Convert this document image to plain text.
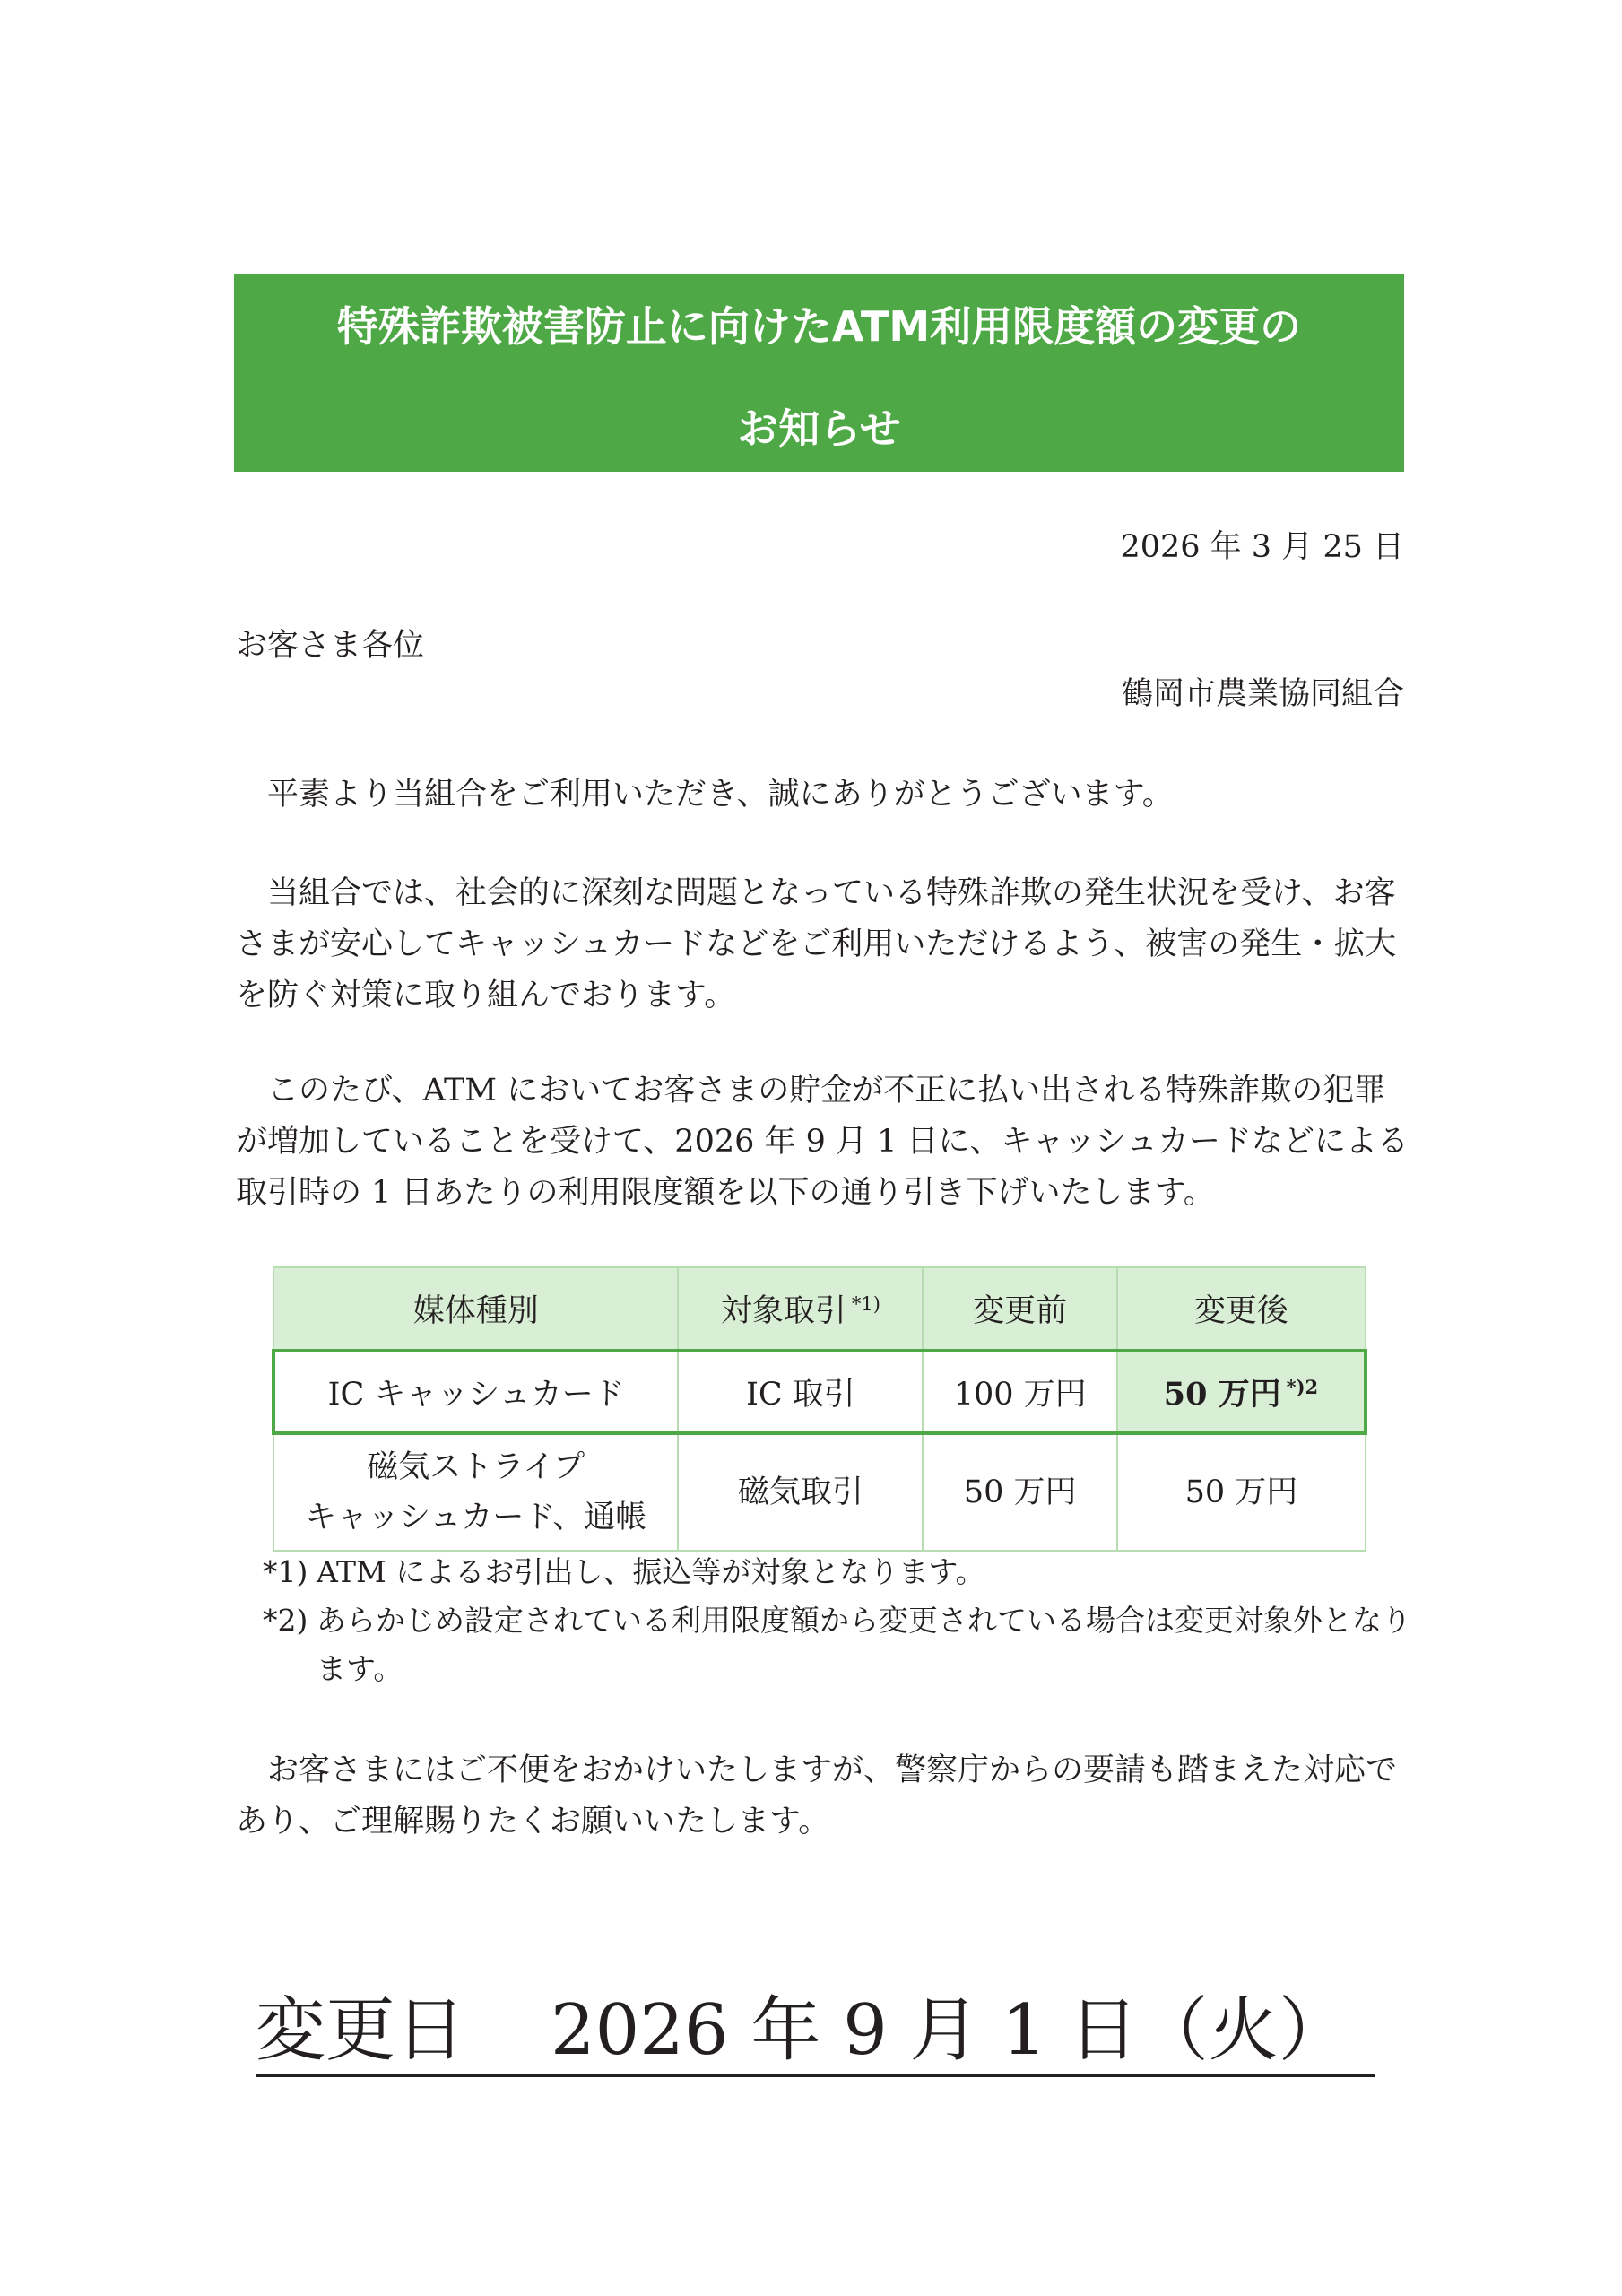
特殊詐欺被害防止に向けたATM利用限度額の変更の
お知らせ
2026 年 3 月 25 日
お客さま各位
鶴岡市農業協同組合
　平素より当組合をご利用いただき、誠にありがとうございます。
　当組合では、社会的に深刻な問題となっている特殊詐欺の発生状況を受け、お客さまが安心してキャッシュカードなどをご利用いただけるよう、被害の発生・拡大を防ぐ対策に取り組んでおります。
　このたび、ATM においてお客さまの貯金が不正に払い出される特殊詐欺の犯罪が増加していることを受けて、2026 年 9 月 1 日に、キャッシュカードなどによる取引時の 1 日あたりの利用限度額を以下の通り引き下げいたします。
媒体種別	対象取引 $^{*1)}$	変更前	変更後
IC キャッシュカード	IC 取引	100 万円	50 万円 $^{*)2}$

磁気ストライプ
キャッシュカード、通帳	磁気取引	50 万円	50 万円
*1) ATM によるお引出し、振込等が対象となります。
*2) あらかじめ設定されている利用限度額から変更されている場合は変更対象外となります。
　お客さまにはご不便をおかけいたしますが、警察庁からの要請も踏まえた対応であり、ご理解賜りたくお願いいたします。
変更日 2026 年 9 月 1 日（火）
